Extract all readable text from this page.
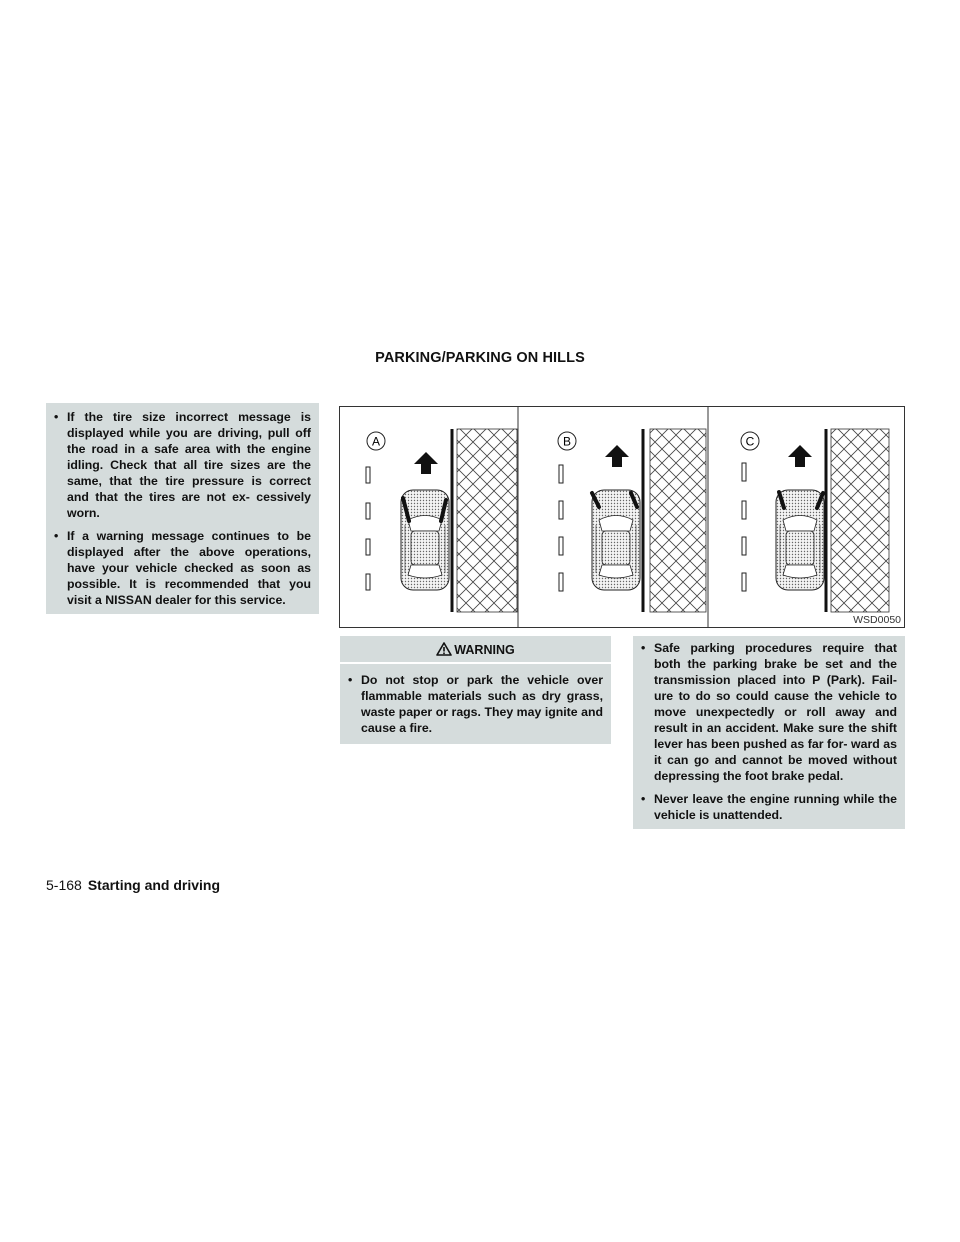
PARKING/PARKING ON HILLS
• If the tire size incorrect message is displayed while you are driving, pull off the road in a safe area with the engine idling. Check that all tire sizes are the same, that the tire pressure is correct and that the tires are not ex- cessively worn.
• If a warning message continues to be displayed after the above operations, have your vehicle checked as soon as possible. It is recommended that you visit a NISSAN dealer for this service.
A	B	C
WSD0050
WARNING
• Do not stop or park the vehicle over flammable materials such as dry grass, waste paper or rags. They may ignite and cause a fire.
• Safe parking procedures require that both the parking brake be set and the transmission placed into P (Park). Fail- ure to do so could cause the vehicle to move unexpectedly or roll away and result in an accident. Make sure the shift lever has been pushed as far for- ward as it can go and cannot be moved without depressing the foot brake pedal.
• Never leave the engine running while the vehicle is unattended.
5-168 Starting and driving
